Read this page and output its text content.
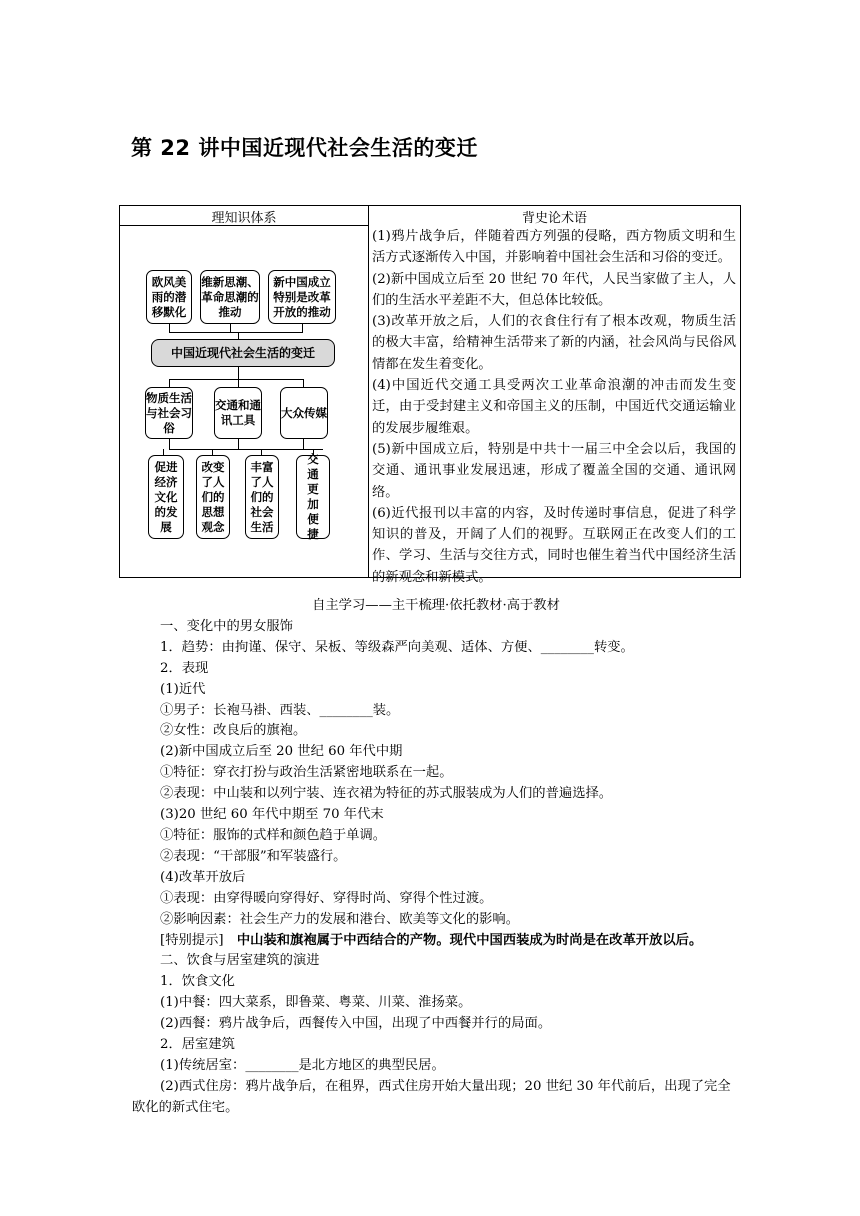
第 22 讲中国近现代社会生活的变迁
理知识体系	背史论术语
欧风美雨的潜移默化
维新思潮、革命思潮的推动
新中国成立特别是改革开放的推动
中国近现代社会生活的变迁
物质生活与社会习俗
交通和通讯工具
大众传媒
促进经济文化的发展
改变了人们的思想观念
丰富了人们的社会生活
交通更加便捷

(1)鸦片战争后，伴随着西方列强的侵略，西方物质文明和生活方式逐渐传入中国，并影响着中国社会生活和习俗的变迁。

(2)新中国成立后至 20 世纪 70 年代，人民当家做了主人，人们的生活水平差距不大，但总体比较低。

(3)改革开放之后，人们的衣食住行有了根本改观，物质生活的极大丰富，给精神生活带来了新的内涵，社会风尚与民俗风情都在发生着变化。

(4)中国近代交通工具受两次工业革命浪潮的冲击而发生变迁，由于受封建主义和帝国主义的压制，中国近代交通运输业的发展步履维艰。

(5)新中国成立后，特别是中共十一届三中全会以后，我国的交通、通讯事业发展迅速，形成了覆盖全国的交通、通讯网络。

(6)近代报刊以丰富的内容，及时传递时事信息，促进了科学知识的普及，开阔了人们的视野。互联网正在改变人们的工作、学习、生活与交往方式，同时也催生着当代中国经济生活的新观念和新模式。

自主学习——主干梳理·依托教材·高于教材

一、变化中的男女服饰

1．趋势：由拘谨、保守、呆板、等级森严向美观、适体、方便、________转变。

2．表现

(1)近代

①男子：长袍马褂、西装、________装。

②女性：改良后的旗袍。

(2)新中国成立后至 20 世纪 60 年代中期

①特征：穿衣打扮与政治生活紧密地联系在一起。

②表现：中山装和以列宁装、连衣裙为特征的苏式服装成为人们的普遍选择。

(3)20 世纪 60 年代中期至 70 年代末

①特征：服饰的式样和颜色趋于单调。

②表现：“干部服”和军装盛行。

(4)改革开放后

①表现：由穿得暖向穿得好、穿得时尚、穿得个性过渡。

②影响因素：社会生产力的发展和港台、欧美等文化的影响。

[特别提示]　 中山装和旗袍属于中西结合的产物。现代中国西装成为时尚是在改革开放以后。

二、饮食与居室建筑的演进

1．饮食文化

(1)中餐：四大菜系，即鲁菜、粤菜、川菜、淮扬菜。

(2)西餐：鸦片战争后，西餐传入中国，出现了中西餐并行的局面。

2．居室建筑

(1)传统居室：________是北方地区的典型民居。

(2)西式住房：鸦片战争后，在租界，西式住房开始大量出现；20 世纪 30 年代前后，出现了完全欧化的新式住宅。
